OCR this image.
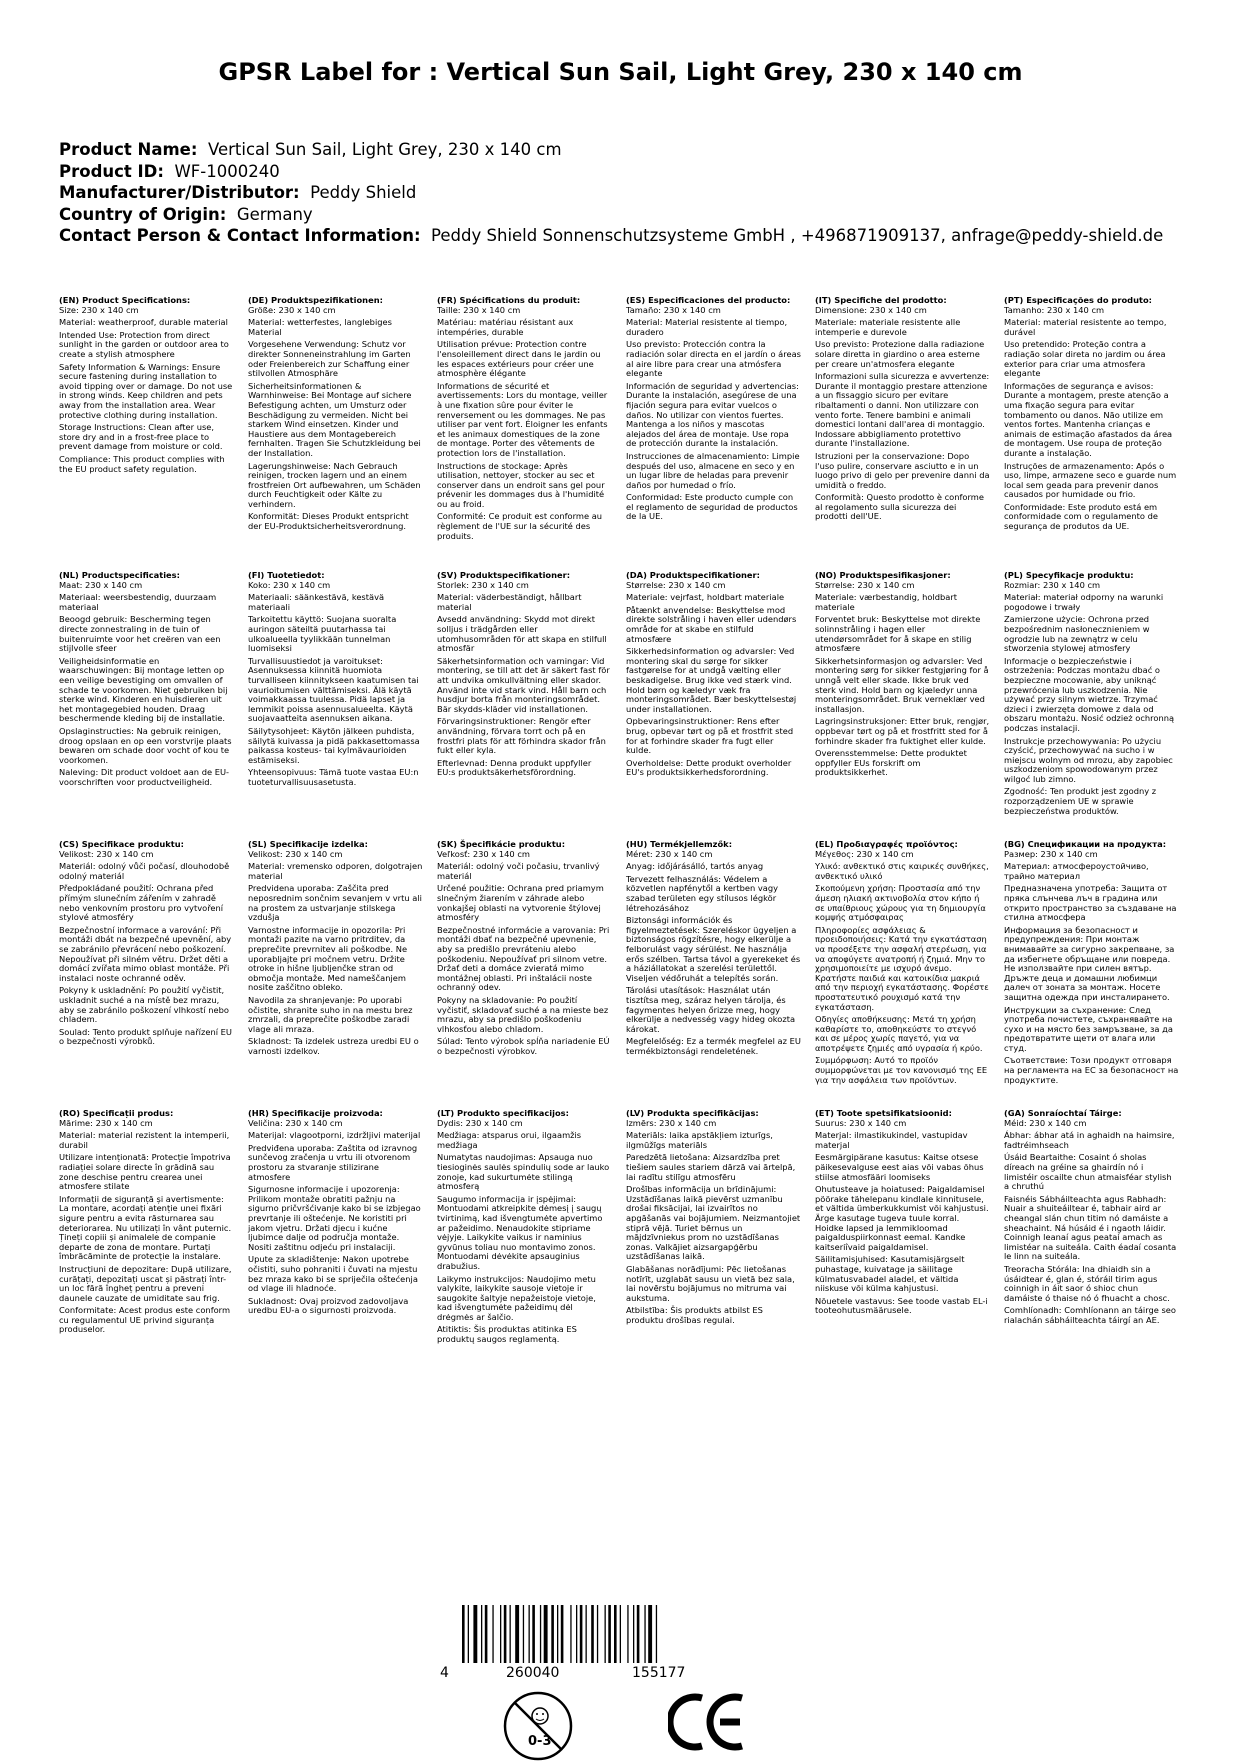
GPSR Label for : Vertical Sun Sail, Light Grey, 230 x 140 cm
Product Name: Vertical Sun Sail, Light Grey, 230 x 140 cm
Product ID: WF-1000240
Manufacturer/Distributor: Peddy Shield
Country of Origin: Germany
Contact Person & Contact Information: Peddy Shield Sonnenschutzsysteme GmbH , +496871909137, anfrage@peddy-shield.de
(EN) Product Specifications:

Size: 230 x 140 cm

Material: weatherproof, durable material

Intended Use: Protection from direct sunlight in the garden or outdoor area to create a stylish atmosphere

Safety Information & Warnings: Ensure secure fastening during installation to avoid tipping over or damage. Do not use in strong winds. Keep children and pets away from the installation area. Wear protective clothing during installation.

Storage Instructions: Clean after use, store dry and in a frost-free place to prevent damage from moisture or cold.

Compliance: This product complies with the EU product safety regulation.

(DE) Produktspezifikationen:

Größe: 230 x 140 cm

Material: wetterfestes, langlebiges Material

Vorgesehene Verwendung: Schutz vor direkter Sonneneinstrahlung im Garten oder Freienbereich zur Schaffung einer stilvollen Atmosphäre

Sicherheitsinformationen & Warnhinweise: Bei Montage auf sichere Befestigung achten, um Umsturz oder Beschädigung zu vermeiden. Nicht bei starkem Wind einsetzen. Kinder und Haustiere aus dem Montagebereich fernhalten. Tragen Sie Schutzkleidung bei der Installation.

Lagerungshinweise: Nach Gebrauch reinigen, trocken lagern und an einem frostfreien Ort aufbewahren, um Schäden durch Feuchtigkeit oder Kälte zu verhindern.

Konformität: Dieses Produkt entspricht der EU-Produktsicherheitsverordnung.

(FR) Spécifications du produit:

Taille: 230 x 140 cm

Matériau: matériau résistant aux intempéries, durable

Utilisation prévue: Protection contre l'ensoleillement direct dans le jardin ou les espaces extérieurs pour créer une atmosphère élégante

Informations de sécurité et avertissements: Lors du montage, veiller à une fixation sûre pour éviter le renversement ou les dommages. Ne pas utiliser par vent fort. Éloigner les enfants et les animaux domestiques de la zone de montage. Porter des vêtements de protection lors de l'installation.

Instructions de stockage: Après utilisation, nettoyer, stocker au sec et conserver dans un endroit sans gel pour prévenir les dommages dus à l'humidité ou au froid.

Conformité: Ce produit est conforme au règlement de l'UE sur la sécurité des produits.

(ES) Especificaciones del producto:

Tamaño: 230 x 140 cm

Material: Material resistente al tiempo, duradero

Uso previsto: Protección contra la radiación solar directa en el jardín o áreas al aire libre para crear una atmósfera elegante

Información de seguridad y advertencias: Durante la instalación, asegúrese de una fijación segura para evitar vuelcos o daños. No utilizar con vientos fuertes. Mantenga a los niños y mascotas alejados del área de montaje. Use ropa de protección durante la instalación.

Instrucciones de almacenamiento: Limpie después del uso, almacene en seco y en un lugar libre de heladas para prevenir daños por humedad o frío.

Conformidad: Este producto cumple con el reglamento de seguridad de productos de la UE.

(IT) Specifiche del prodotto:

Dimensione: 230 x 140 cm

Materiale: materiale resistente alle intemperie e durevole

Uso previsto: Protezione dalla radiazione solare diretta in giardino o area esterne per creare un'atmosfera elegante

Informazioni sulla sicurezza e avvertenze: Durante il montaggio prestare attenzione a un fissaggio sicuro per evitare ribaltamenti o danni. Non utilizzare con vento forte. Tenere bambini e animali domestici lontani dall'area di montaggio. Indossare abbigliamento protettivo durante l'installazione.

Istruzioni per la conservazione: Dopo l'uso pulire, conservare asciutto e in un luogo privo di gelo per prevenire danni da umidità o freddo.

Conformità: Questo prodotto è conforme al regolamento sulla sicurezza dei prodotti dell'UE.

(PT) Especificações do produto:

Tamanho: 230 x 140 cm

Material: material resistente ao tempo, durável

Uso pretendido: Proteção contra a radiação solar direta no jardim ou área exterior para criar uma atmosfera elegante

Informações de segurança e avisos: Durante a montagem, preste atenção a uma fixação segura para evitar tombamento ou danos. Não utilize em ventos fortes. Mantenha crianças e animais de estimação afastados da área de montagem. Use roupa de proteção durante a instalação.

Instruções de armazenamento: Após o uso, limpe, armazene seco e guarde num local sem geada para prevenir danos causados por humidade ou frio.

Conformidade: Este produto está em conformidade com o regulamento de segurança de produtos da UE.

(NL) Productspecificaties:

Maat: 230 x 140 cm

Materiaal: weersbestendig, duurzaam materiaal

Beoogd gebruik: Bescherming tegen directe zonnestraling in de tuin of buitenruimte voor het creëren van een stijlvolle sfeer

Veiligheidsinformatie en waarschuwingen: Bij montage letten op een veilige bevestiging om omvallen of schade te voorkomen. Niet gebruiken bij sterke wind. Kinderen en huisdieren uit het montagegebied houden. Draag beschermende kleding bij de installatie.

Opslaginstructies: Na gebruik reinigen, droog opslaan en op een vorstvrije plaats bewaren om schade door vocht of kou te voorkomen.

Naleving: Dit product voldoet aan de EU-voorschriften voor productveiligheid.

(FI) Tuotetiedot:

Koko: 230 x 140 cm

Materiaali: säänkestävä, kestävä materiaali

Tarkoitettu käyttö: Suojana suoralta auringon säteiltä puutarhassa tai ulkoalueella tyylikkään tunnelman luomiseksi

Turvallisuustiedot ja varoitukset: Asennuksessa kiinnitä huomiota turvalliseen kiinnitykseen kaatumisen tai vaurioitumisen välttämiseksi. Älä käytä voimakkaassa tuulessa. Pidä lapset ja lemmikit poissa asennusalueelta. Käytä suojavaatteita asennuksen aikana.

Säilytysohjeet: Käytön jälkeen puhdista, säilytä kuivassa ja pidä pakkasettomassa paikassa kosteus- tai kylmävaurioiden estämiseksi.

Yhteensopivuus: Tämä tuote vastaa EU:n tuoteturvallisuusasetusta.

(SV) Produktspecifikationer:

Storlek: 230 x 140 cm

Material: väderbeständigt, hållbart material

Avsedd användning: Skydd mot direkt solljus i trädgården eller utomhusområden för att skapa en stilfull atmosfär

Säkerhetsinformation och varningar: Vid montering, se till att det är säkert fast för att undvika omkullvältning eller skador. Använd inte vid stark vind. Håll barn och husdjur borta från monteringsområdet. Bär skydds-kläder vid installationen.

Förvaringsinstruktioner: Rengör efter användning, förvara torrt och på en frostfri plats för att förhindra skador från fukt eller kyla.

Efterlevnad: Denna produkt uppfyller EU:s produktsäkerhetsförordning.

(DA) Produktspecifikationer:

Størrelse: 230 x 140 cm

Materiale: vejrfast, holdbart materiale

Påtænkt anvendelse: Beskyttelse mod direkte solstråling i haven eller udendørs område for at skabe en stilfuld atmosfære

Sikkerhedsinformation og advarsler: Ved montering skal du sørge for sikker fastgørelse for at undgå vælting eller beskadigelse. Brug ikke ved stærk vind. Hold børn og kæledyr væk fra monteringsområdet. Bær beskyttelsestøj under installationen.

Opbevaringsinstruktioner: Rens efter brug, opbevar tørt og på et frostfrit sted for at forhindre skader fra fugt eller kulde.

Overholdelse: Dette produkt overholder EU's produktsikkerhedsforordning.

(NO) Produktspesifikasjoner:

Størrelse: 230 x 140 cm

Materiale: værbestandig, holdbart materiale

Forventet bruk: Beskyttelse mot direkte solinnstråling i hagen eller utendørsområdet for å skape en stilig atmosfære

Sikkerhetsinformasjon og advarsler: Ved montering sørg for sikker festgjøring for å unngå velt eller skade. Ikke bruk ved sterk vind. Hold barn og kjæledyr unna monteringsområdet. Bruk verneklær ved installasjon.

Lagringsinstruksjoner: Etter bruk, rengjør, oppbevar tørt og på et frostfritt sted for å forhindre skader fra fuktighet eller kulde.

Overensstemmelse: Dette produktet oppfyller EUs forskrift om produktsikkerhet.

(PL) Specyfikacje produktu:

Rozmiar: 230 x 140 cm

Materiał: materiał odporny na warunki pogodowe i trwały

Zamierzone użycie: Ochrona przed bezpośrednim nasłonecznieniem w ogrodzie lub na zewnątrz w celu stworzenia stylowej atmosfery

Informacje o bezpieczeństwie i ostrzeżenia: Podczas montażu dbać o bezpieczne mocowanie, aby uniknąć przewrócenia lub uszkodzenia. Nie używać przy silnym wietrze. Trzymać dzieci i zwierzęta domowe z dala od obszaru montażu. Nosić odzież ochronną podczas instalacji.

Instrukcje przechowywania: Po użyciu czyścić, przechowywać na sucho i w miejscu wolnym od mrozu, aby zapobiec uszkodzeniom spowodowanym przez wilgoć lub zimno.

Zgodność: Ten produkt jest zgodny z rozporządzeniem UE w sprawie bezpieczeństwa produktów.

(CS) Specifikace produktu:

Velikost: 230 x 140 cm

Materiál: odolný vůči počasí, dlouhodobě odolný materiál

Předpokládané použití: Ochrana před přímým slunečním zářením v zahradě nebo venkovním prostoru pro vytvoření stylové atmosféry

Bezpečnostní informace a varování: Při montáži dbát na bezpečné upevnění, aby se zabránilo převrácení nebo poškození. Nepoužívat při silném větru. Držet děti a domácí zvířata mimo oblast montáže. Při instalaci noste ochranné oděv.

Pokyny k uskladnění: Po použití vyčistit, uskladnit suché a na místě bez mrazu, aby se zabránilo poškození vlhkostí nebo chladem.

Soulad: Tento produkt splňuje nařízení EU o bezpečnosti výrobků.

(SL) Specifikacije izdelka:

Velikost: 230 x 140 cm

Material: vremensko odporen, dolgotrajen material

Predvidena uporaba: Zaščita pred neposrednim sončnim sevanjem v vrtu ali na prostem za ustvarjanje stilskega vzdušja

Varnostne informacije in opozorila: Pri montaži pazite na varno pritrditev, da preprečite prevrnitev ali poškodbe. Ne uporabljajte pri močnem vetru. Držite otroke in hišne ljubljenčke stran od območja montaže. Med nameščanjem nosite zaščitno obleko.

Navodila za shranjevanje: Po uporabi očistite, shranite suho in na mestu brez zmrzali, da preprečite poškodbe zaradi vlage ali mraza.

Skladnost: Ta izdelek ustreza uredbi EU o varnosti izdelkov.

(SK) Špecifikácie produktu:

Veľkosť: 230 x 140 cm

Materiál: odolný voči počasiu, trvanlivý materiál

Určené použitie: Ochrana pred priamym slnečným žiarením v záhrade alebo vonkajšej oblasti na vytvorenie štýlovej atmosféry

Bezpečnostné informácie a varovania: Pri montáži dbať na bezpečné upevnenie, aby sa predišlo prevráteniu alebo poškodeniu. Nepoužívať pri silnom vetre. Držať deti a domáce zvieratá mimo montážnej oblasti. Pri inštalácii noste ochranný odev.

Pokyny na skladovanie: Po použití vyčistiť, skladovať suché a na mieste bez mrazu, aby sa predišlo poškodeniu vlhkosťou alebo chladom.

Súlad: Tento výrobok spĺňa nariadenie EÚ o bezpečnosti výrobkov.

(HU) Termékjellemzők:

Méret: 230 x 140 cm

Anyag: időjárásálló, tartós anyag

Tervezett felhasználás: Védelem a közvetlen napfénytől a kertben vagy szabad területen egy stílusos légkör létrehozásához

Biztonsági információk és figyelmeztetések: Szereléskor ügyeljen a biztonságos rögzítésre, hogy elkerülje a felborulást vagy sérülést. Ne használja erős szélben. Tartsa távol a gyerekeket és a háziállatokat a szerelési területtől. Viseljen védőruhát a telepítés során.

Tárolási utasítások: Használat után tisztítsa meg, száraz helyen tárolja, és fagymentes helyen őrizze meg, hogy elkerülje a nedvesség vagy hideg okozta károkat.

Megfelelőség: Ez a termék megfelel az EU termékbiztonsági rendeletének.

(EL) Προδιαγραφές προϊόντος:

Μέγεθος: 230 x 140 cm

Υλικό: ανθεκτικό στις καιρικές συνθήκες, ανθεκτικό υλικό

Σκοπούμενη χρήση: Προστασία από την άμεση ηλιακή ακτινοβολία στον κήπο ή σε υπαίθριους χώρους για τη δημιουργία κομψής ατμόσφαιρας

Πληροφορίες ασφάλειας & προειδοποιήσεις: Κατά την εγκατάσταση να προσέξετε την ασφαλή στερέωση, για να αποφύγετε ανατροπή ή ζημιά. Μην το χρησιμοποιείτε με ισχυρό άνεμο. Κρατήστε παιδιά και κατοικίδια μακριά από την περιοχή εγκατάστασης. Φορέστε προστατευτικό ρουχισμό κατά την εγκατάσταση.

Οδηγίες αποθήκευσης: Μετά τη χρήση καθαρίστε το, αποθηκεύστε το στεγνό και σε μέρος χωρίς παγετό, για να αποτρέψετε ζημιές από υγρασία ή κρύο.

Συμμόρφωση: Αυτό το προϊόν συμμορφώνεται με τον κανονισμό της ΕΕ για την ασφάλεια των προϊόντων.

(BG) Спецификации на продукта:

Размер: 230 x 140 cm

Материал: атмосфероустойчиво, трайно материал

Предназначена употреба: Защита от пряка слънчева лъч в градина или открито пространство за създаване на стилна атмосфера

Информация за безопасност и предупреждения: При монтаж внимавайте за сигурно закрепване, за да избегнете обръщане или повреда. Не използвайте при силен вятър. Дръжте деца и домашни любимци далеч от зоната за монтаж. Носете защитна одежда при инсталирането.

Инструкции за съхранение: След употреба почистете, съхранявайте на сухо и на място без замръзване, за да предотвратите щети от влага или студ.

Съответствие: Този продукт отговаря на регламента на ЕС за безопасност на продуктите.

(RO) Specificații produs:

Mărime: 230 x 140 cm

Material: material rezistent la intemperii, durabil

Utilizare intenționată: Protecție împotriva radiației solare directe în grădină sau zone deschise pentru crearea unei atmosfere stilate

Informații de siguranță și avertismente: La montare, acordați atenție unei fixări sigure pentru a evita răsturnarea sau deteriorarea. Nu utilizați în vânt puternic. Țineți copiii și animalele de companie departe de zona de montare. Purtați îmbrăcăminte de protecție la instalare.

Instrucțiuni de depozitare: După utilizare, curățați, depozitați uscat și păstrați într-un loc fără îngheț pentru a preveni daunele cauzate de umiditate sau frig.

Conformitate: Acest produs este conform cu regulamentul UE privind siguranța produselor.

(HR) Specifikacije proizvoda:

Veličina: 230 x 140 cm

Materijal: vlagootporni, izdržljivi materijal

Predviđena uporaba: Zaštita od izravnog sunčevog zračenja u vrtu ili otvorenom prostoru za stvaranje stilizirane atmosfere

Sigurnosne informacije i upozorenja: Prilikom montaže obratiti pažnju na sigurno pričvršćivanje kako bi se izbjegao prevrtanje ili oštećenje. Ne koristiti pri jakom vjetru. Držati djecu i kućne ljubimce dalje od područja montaže. Nositi zaštitnu odjeću pri instalaciji.

Upute za skladištenje: Nakon upotrebe očistiti, suho pohraniti i čuvati na mjestu bez mraza kako bi se spriječila oštećenja od vlage ili hladnoće.

Sukladnost: Ovaj proizvod zadovoljava uredbu EU-a o sigurnosti proizvoda.

(LT) Produkto specifikacijos:

Dydis: 230 x 140 cm

Medžiaga: atsparus orui, ilgaamžis medžiaga

Numatytas naudojimas: Apsauga nuo tiesioginės saulės spindulių sode ar lauko zonoje, kad sukurtumėte stilingą atmosferą

Saugumo informacija ir įspėjimai: Montuodami atkreipkite dėmesį į saugų tvirtinimą, kad išvengtumėte apvertimo ar pažeidimo. Nenaudokite stipriame vėjyje. Laikykite vaikus ir naminius gyvūnus toliau nuo montavimo zonos. Montuodami dėvėkite apsauginius drabužius.

Laikymo instrukcijos: Naudojimo metu valykite, laikykite sausoje vietoje ir saugokite šaltyje nepažeistoje vietoje, kad išvengtumėte pažeidimų dėl drėgmės ar šalčio.

Atitiktis: Šis produktas atitinka ES produktų saugos reglamentą.

(LV) Produkta specifikācijas:

Izmērs: 230 x 140 cm

Materiāls: laika apstākļiem izturīgs, ilgmūžīgs materiāls

Paredzētā lietošana: Aizsardzība pret tiešiem saules stariem dārzā vai ārtelpā, lai radītu stilīgu atmosfēru

Drošības informācija un brīdinājumi: Uzstādīšanas laikā pievērst uzmanību drošai fiksācijai, lai izvairītos no apgāšanās vai bojājumiem. Neizmantojiet stiprā vējā. Turiet bērnus un mājdzīvniekus prom no uzstādīšanas zonas. Valkājiet aizsargapģērbu uzstādīšanas laikā.

Glabāšanas norādījumi: Pēc lietošanas notīrīt, uzglabāt sausu un vietā bez sala, lai novērstu bojājumus no mitruma vai aukstuma.

Atbilstība: Šis produkts atbilst ES produktu drošības regulai.

(ET) Toote spetsifikatsioonid:

Suurus: 230 x 140 cm

Materjal: ilmastikukindel, vastupidav materjal

Eesmärgipärane kasutus: Kaitse otsese päikesevalguse eest aias või vabas õhus stiilse atmosfääri loomiseks

Ohutusteave ja hoiatused: Paigaldamisel pöörake tähelepanu kindlale kinnitusele, et vältida ümberkukkumist või kahjustusi. Ärge kasutage tugeva tuule korral. Hoidke lapsed ja lemmikloomad paigalduspiirkonnast eemal. Kandke kaitseriîvaid paigaldamisel.

Säilitamisjuhised: Kasutamisjärgselt puhastage, kuivatage ja säilitage külmatusvabadel aladel, et vältida niiskuse või külma kahjustusi.

Nõuetele vastavus: See toode vastab EL-i tooteohutusmäärusele.

(GA) Sonraíochtaí Táirge:

Méid: 230 x 140 cm

Ábhar: ábhar atá in aghaidh na haimsire, fadtréimhseach

Úsáid Beartaithe: Cosaint ó sholas díreach na gréine sa ghairdín nó i limistéir oscailte chun atmaisféar stylish a chruthú

Faisnéis Sábháilteachta agus Rabhadh: Nuair a shuiteáiltear é, tabhair aird ar cheangal slán chun titim nó damáiste a sheachaint. Ná húsáid é i ngaoth láidir. Coinnigh leanaí agus peataí amach as limistéar na suiteála. Caith éadaí cosanta le linn na suiteála.

Treoracha Stórála: Ina dhiaidh sin a úsáidtear é, glan é, stóráil tirim agus coinnigh in áit saor ó shioc chun damáiste ó thaise nó ó fhuacht a chosc.

Comhlíonadh: Comhlíonann an táirge seo rialachán sábháilteachta táirgí an AE.

4	260040	155177
0-3
